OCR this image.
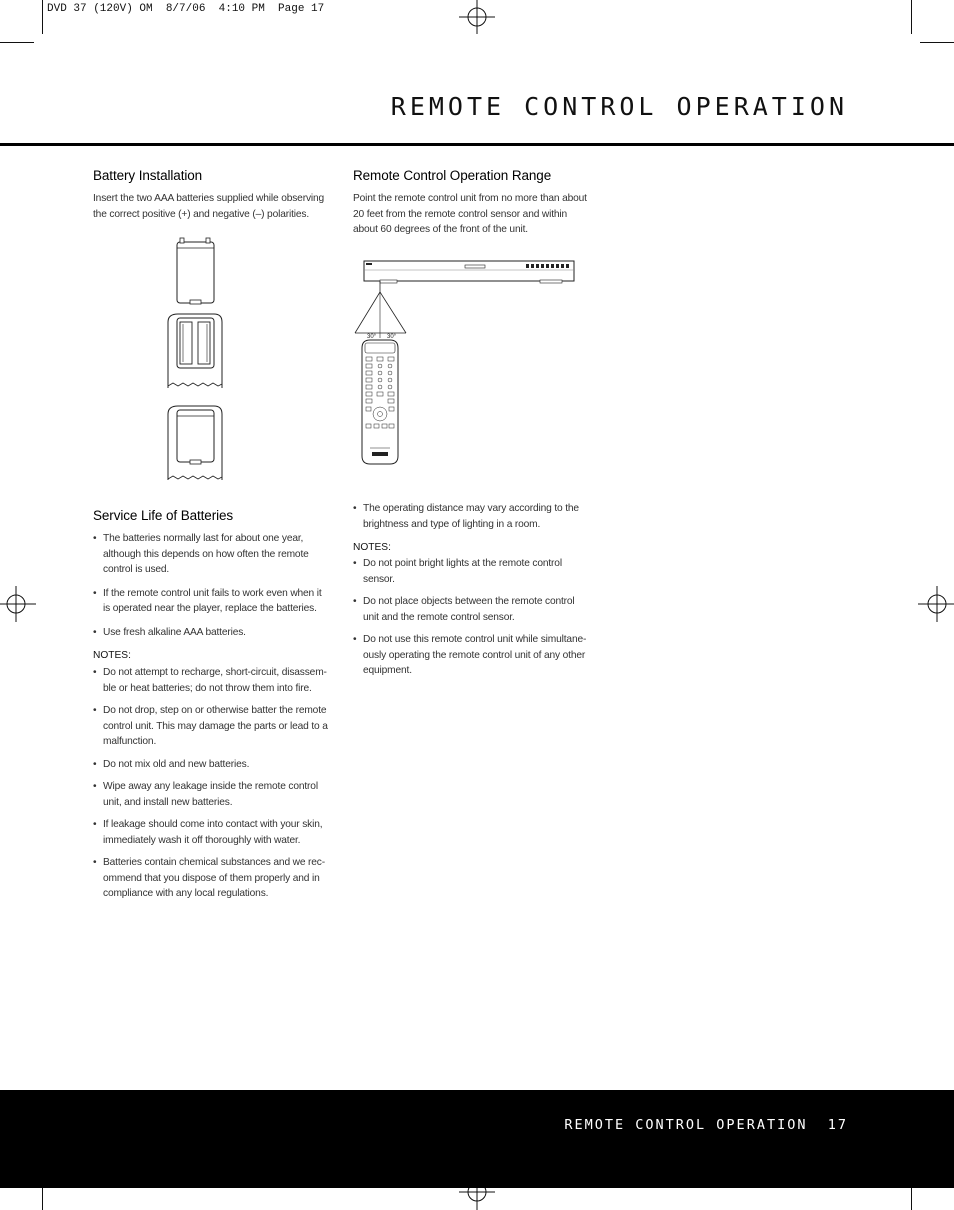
DVD 37 (120V) OM  8/7/06  4:10 PM  Page 17
REMOTE CONTROL OPERATION
Battery Installation

Insert the two AAA batteries supplied while observing the correct positive (+) and negative (–) polarities.

Service Life of Batteries
• The batteries normally last for about one year, although this depends on how often the remote control is used.
• If the remote control unit fails to work even when it is operated near the player, replace the batteries.
• Use fresh alkaline AAA batteries.

NOTES:

• Do not attempt to recharge, short-circuit, disassem-ble or heat batteries; do not throw them into fire.
• Do not drop, step on or otherwise batter the remote control unit. This may damage the parts or lead to a malfunction.
• Do not mix old and new batteries.
• Wipe away any leakage inside the remote control unit, and install new batteries.
• If leakage should come into contact with your skin, immediately wash it off thoroughly with water.
• Batteries contain chemical substances and we rec-ommend that you dispose of them properly and in compliance with any local regulations.
Remote Control Operation Range

Point the remote control unit from no more than about 20 feet from the remote control sensor and within about 60 degrees of the front of the unit.

30° 30°
• The operating distance may vary according to the brightness and type of lighting in a room.

NOTES:

• Do not point bright lights at the remote control sensor.
• Do not place objects between the remote control unit and the remote control sensor.
• Do not use this remote control unit while simultane-ously operating the remote control unit of any other equipment.
REMOTE CONTROL OPERATION 17
